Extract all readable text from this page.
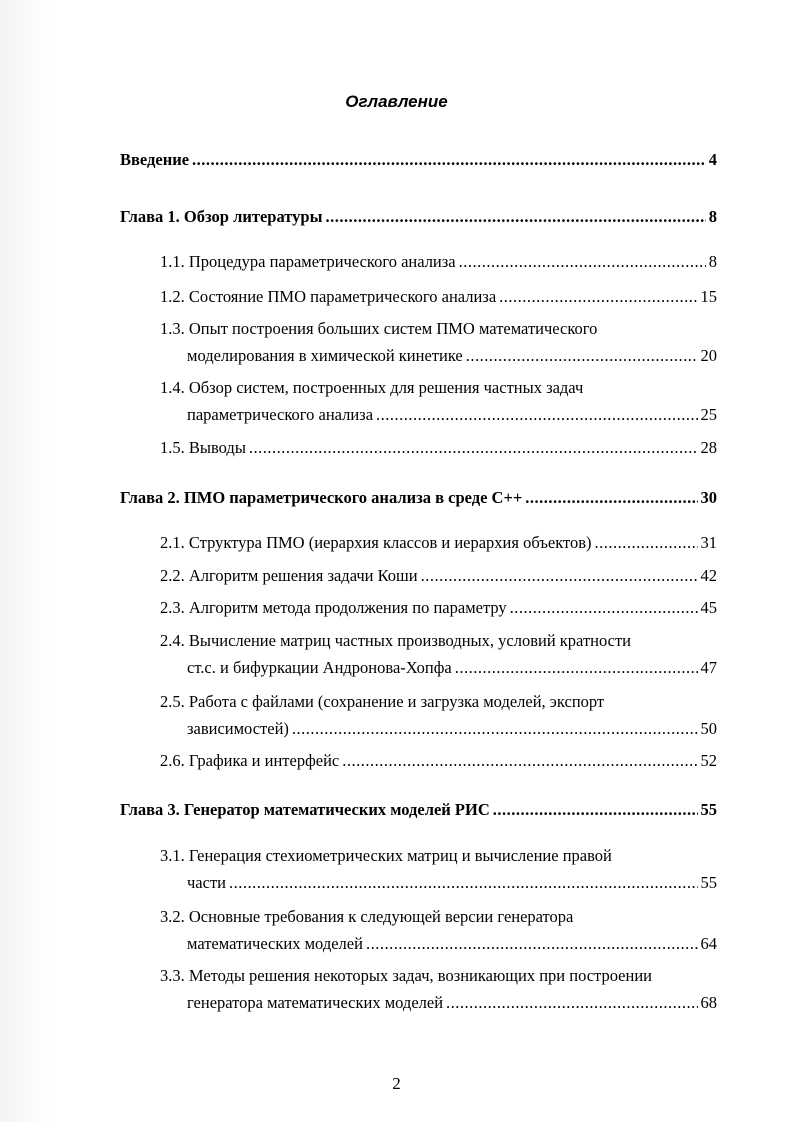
Оглавление
Введение .....	4
Глава 1. Обзор литературы .....	8
1.1. Процедура параметрического анализа .....	8
1.2. Состояние ПМО параметрического анализа .....	15
1.3. Опыт построения больших систем ПМО математического
моделирования в химической кинетике .....	20
1.4. Обзор систем, построенных для решения частных задач
параметрического анализа .....	25
1.5. Выводы .....	28
Глава 2. ПМО параметрического анализа в среде С++ .....	30
2.1. Структура ПМО (иерархия классов и иерархия объектов) .....	31
2.2. Алгоритм решения задачи Коши .....	42
2.3. Алгоритм метода продолжения по параметру .....	45
2.4. Вычисление матриц частных производных, условий кратности
ст.с. и бифуркации Андронова-Хопфа .....	47
2.5. Работа с файлами (сохранение и загрузка моделей, экспорт
зависимостей) .....	50
2.6. Графика и интерфейс .....	52
Глава 3. Генератор математических моделей РИС .....	55
3.1. Генерация стехиометрических матриц и вычисление правой
части .....	55
3.2. Основные требования к следующей версии генератора
математических моделей .....	64
3.3. Методы решения некоторых задач, возникающих при построении
генератора математических моделей .....	68
2
